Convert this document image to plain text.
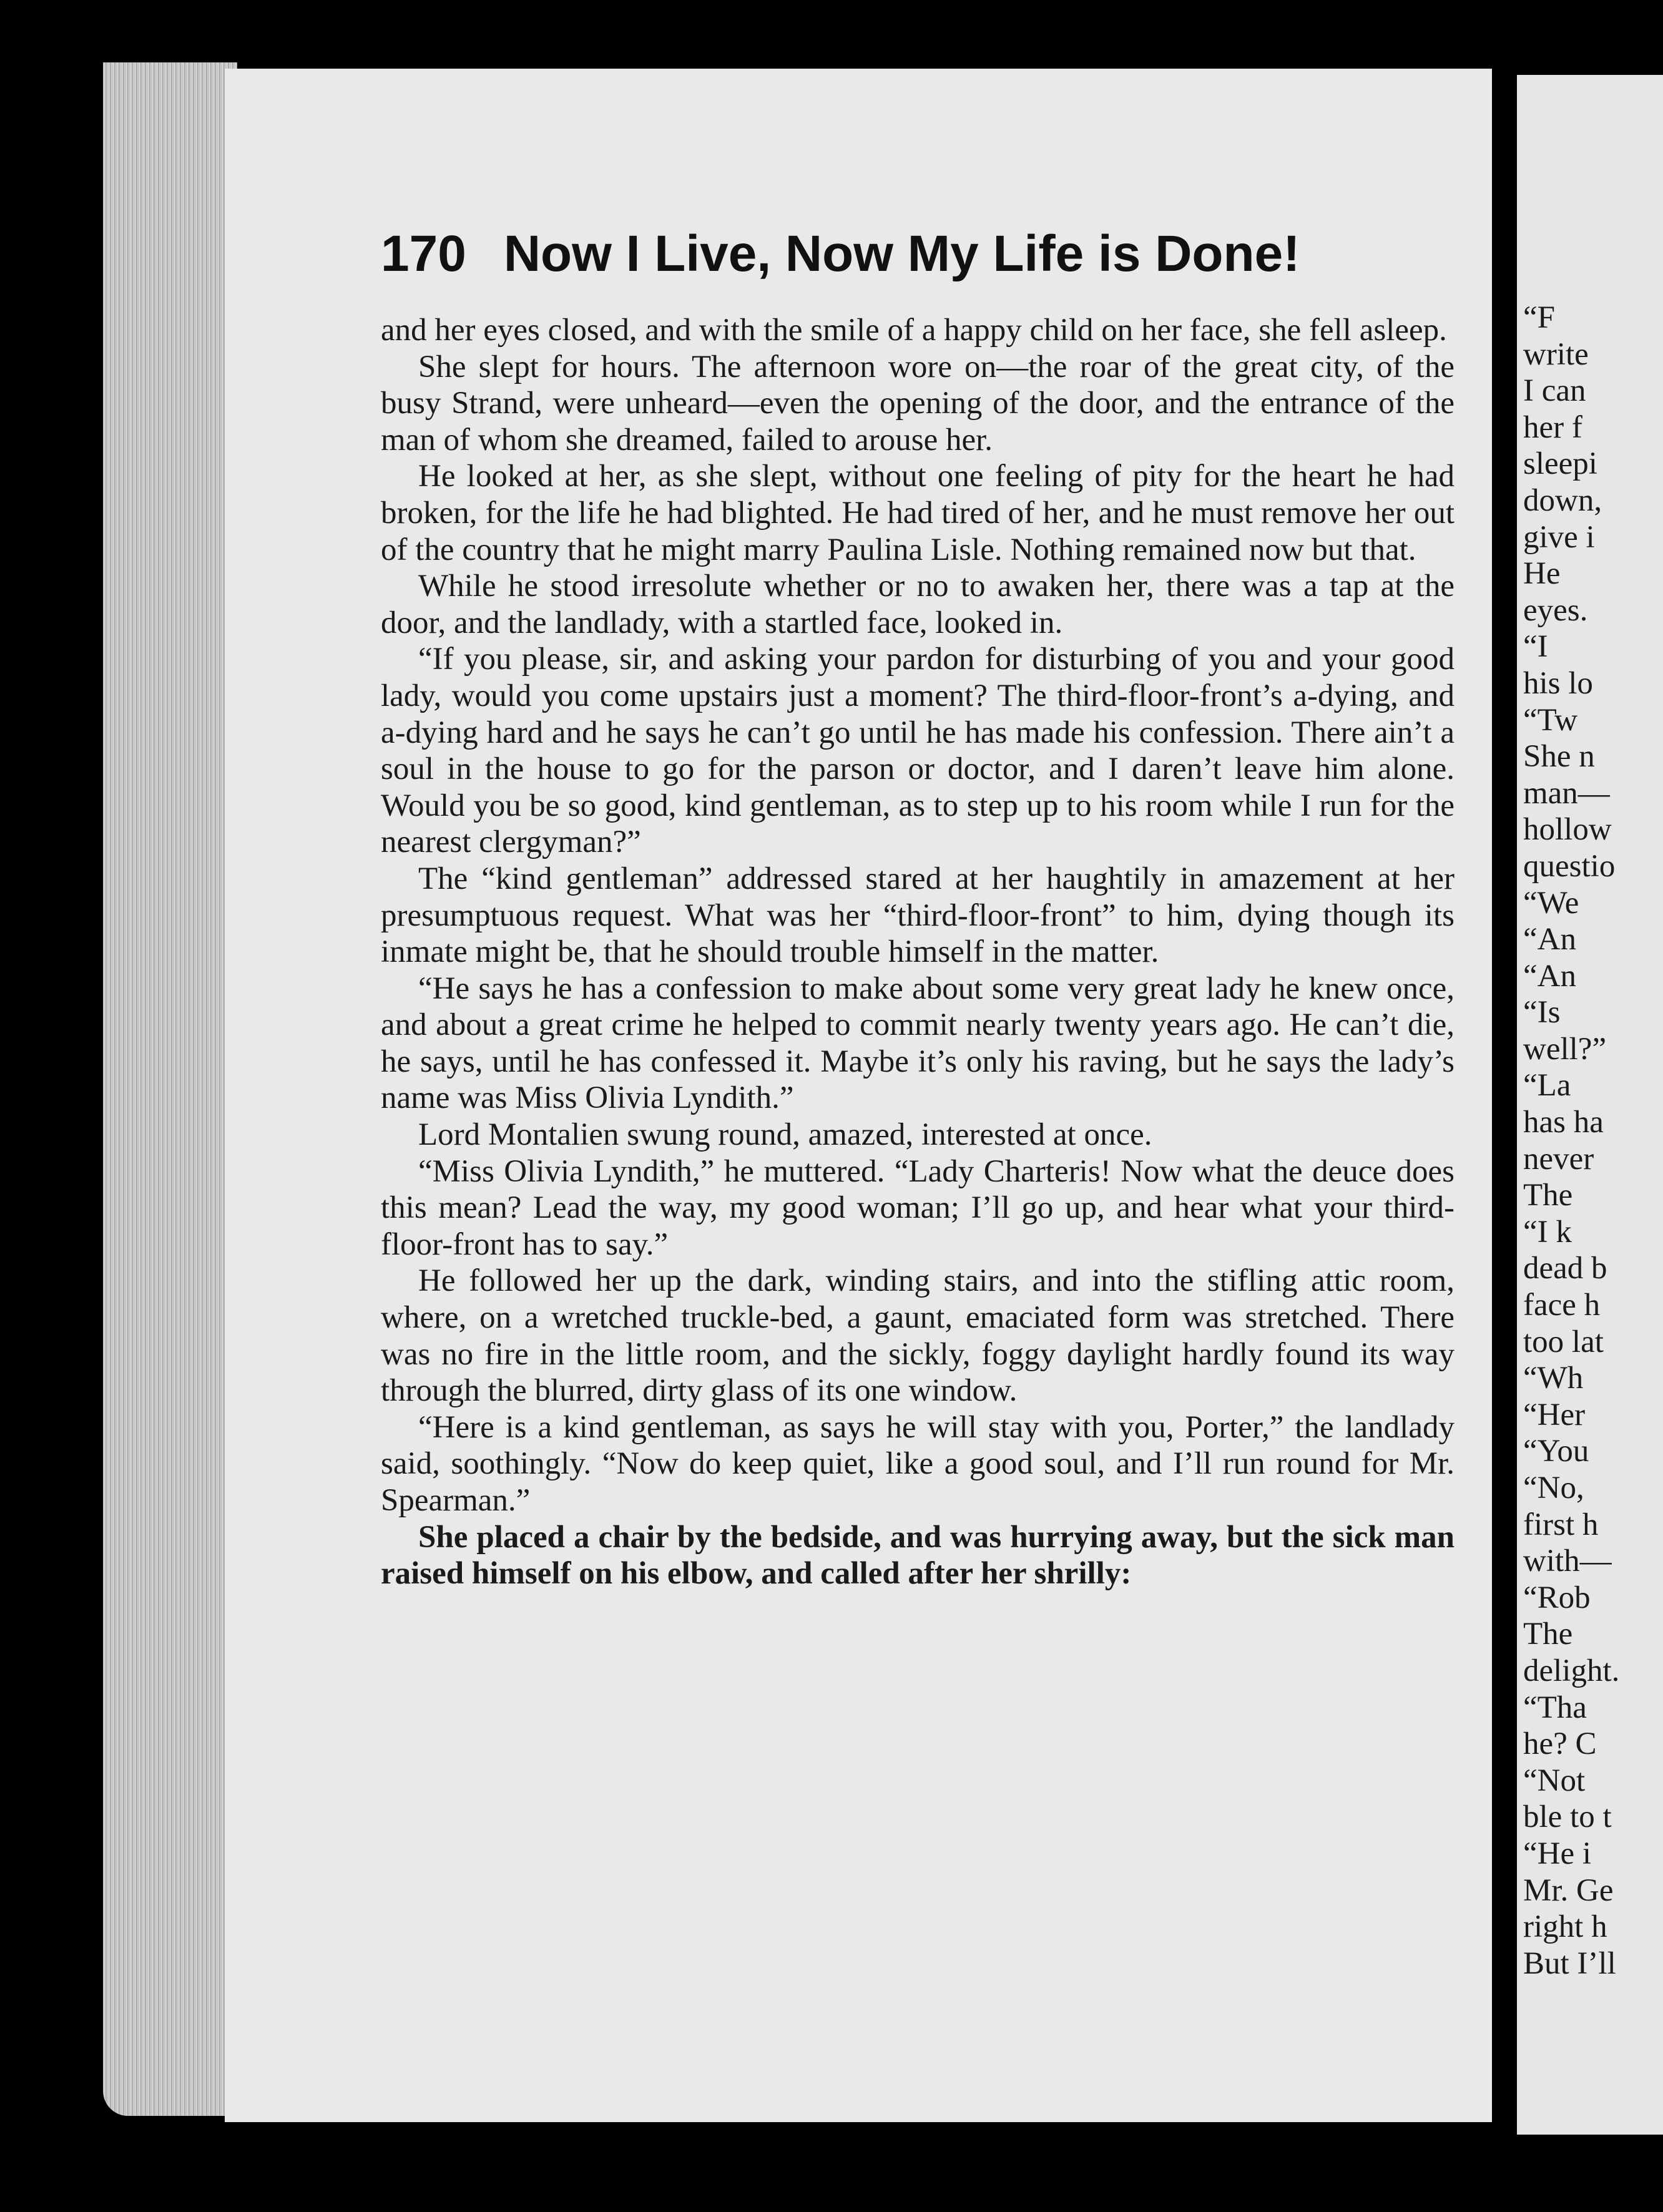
170 Now I Live, Now My Life is Done!

and her eyes closed, and with the smile of a happy child on her face, she fell asleep.

She slept for hours. The afternoon wore on—the roar of the great city, of the busy Strand, were unheard—even the opening of the door, and the entrance of the man of whom she dreamed, failed to arouse her.

He looked at her, as she slept, without one feeling of pity for the heart he had broken, for the life he had blighted. He had tired of her, and he must remove her out of the country that he might marry Paulina Lisle. Nothing remained now but that.

While he stood irresolute whether or no to awaken her, there was a tap at the door, and the landlady, with a startled face, looked in.

“If you please, sir, and asking your pardon for disturbing of you and your good lady, would you come upstairs just a moment? The third-floor-front’s a-dying, and a-dying hard and he says he can’t go until he has made his confession. There ain’t a soul in the house to go for the parson or doctor, and I daren’t leave him alone. Would you be so good, kind gentleman, as to step up to his room while I run for the nearest clergyman?”

The “kind gentleman” addressed stared at her haughtily in amazement at her presumptuous request. What was her “third-floor-front” to him, dying though its inmate might be, that he should trouble himself in the matter.

“He says he has a confession to make about some very great lady he knew once, and about a great crime he helped to commit nearly twenty years ago. He can’t die, he says, until he has confessed it. Maybe it’s only his raving, but he says the lady’s name was Miss Olivia Lyndith.”

Lord Montalien swung round, amazed, interested at once.

“Miss Olivia Lyndith,” he muttered. “Lady Charteris! Now what the deuce does this mean? Lead the way, my good woman; I’ll go up, and hear what your third-floor-front has to say.”

He followed her up the dark, winding stairs, and into the stifling attic room, where, on a wretched truckle-bed, a gaunt, emaciated form was stretched. There was no fire in the little room, and the sickly, foggy daylight hardly found its way through the blurred, dirty glass of its one window.

“Here is a kind gentleman, as says he will stay with you, Porter,” the landlady said, soothingly. “Now do keep quiet, like a good soul, and I’ll run round for Mr. Spearman.”

She placed a chair by the bedside, and was hurrying away, but the sick man raised himself on his elbow, and called after her shrilly:

“F
write
I can
her f
sleepi
down,
give i
He
eyes.
“I
his lo
“Tw
She n
man—
hollow
questio
“We
“An
“An
“Is
well?”
“La
has ha
never
The
“I k
dead b
face h
too lat
“Wh
“Her
“You
“No,
first h
with—
“Rob
The
delight.
“Tha
he? C
“Not
ble to t
“He i
Mr. Ge
right h
But I’ll
